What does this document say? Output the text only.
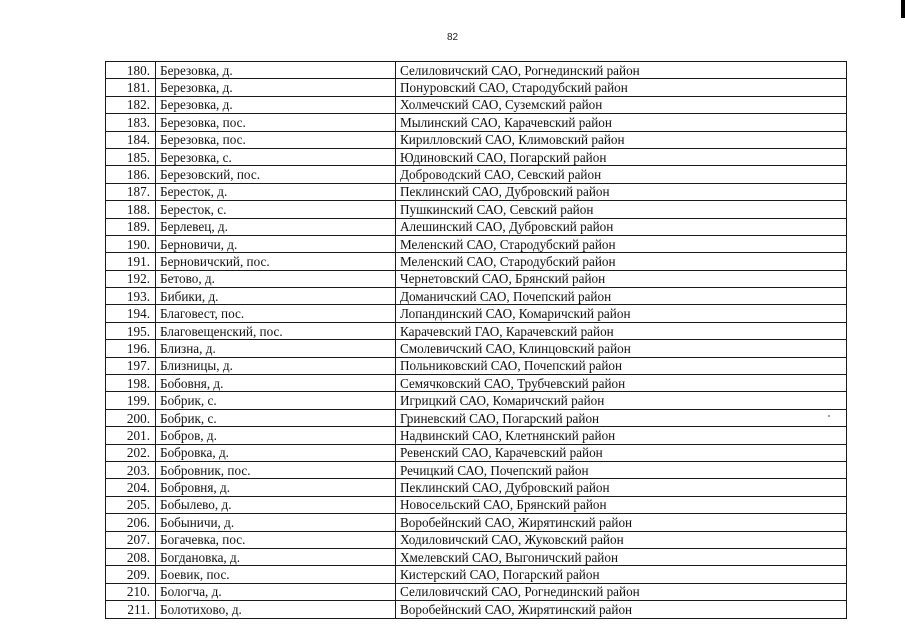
82
180.	Березовка, д.	Селиловичский САО, Рогнединский район
181.	Березовка, д.	Понуровский САО, Стародубский район
182.	Березовка, д.	Холмечский САО, Суземский район
183.	Березовка, пос.	Мылинский САО, Карачевский район
184.	Березовка, пос.	Кирилловский САО, Климовский район
185.	Березовка, с.	Юдиновский САО, Погарский район
186.	Березовский, пос.	Доброводский САО, Севский район
187.	Бересток, д.	Пеклинский САО, Дубровский район
188.	Бересток, с.	Пушкинский САО, Севский район
189.	Берлевец, д.	Алешинский САО, Дубровский район
190.	Берновичи, д.	Меленский САО, Стародубский район
191.	Берновичский, пос.	Меленский САО, Стародубский район
192.	Бетово, д.	Чернетовский САО, Брянский район
193.	Бибики, д.	Доманичский САО, Почепский район
194.	Благовест, пос.	Лопандинский САО, Комаричский район
195.	Благовещенский, пос.	Карачевский ГАО, Карачевский район
196.	Близна, д.	Смолевичский САО, Клинцовский район
197.	Близницы, д.	Польниковский САО, Почепский район
198.	Бобовня, д.	Семячковский САО, Трубчевский район
199.	Бобрик, с.	Игрицкий САО, Комаричский район
200.	Бобрик, с.	Гриневский САО, Погарский район
201.	Бобров, д.	Надвинский САО, Клетнянский район
202.	Бобровка, д.	Ревенский САО, Карачевский район
203.	Бобровник, пос.	Речицкий САО, Почепский район
204.	Бобровня, д.	Пеклинский САО, Дубровский район
205.	Бобылево, д.	Новосельский САО, Брянский район
206.	Бобыничи, д.	Воробейнский САО, Жирятинский район
207.	Богачевка, пос.	Ходиловичский САО, Жуковский район
208.	Богдановка, д.	Хмелевский САО, Выгоничский район
209.	Боевик, пос.	Кистерский САО, Погарский район
210.	Бологча, д.	Селиловичский САО, Рогнединский район
211.	Болотихово, д.	Воробейнский САО, Жирятинский район
